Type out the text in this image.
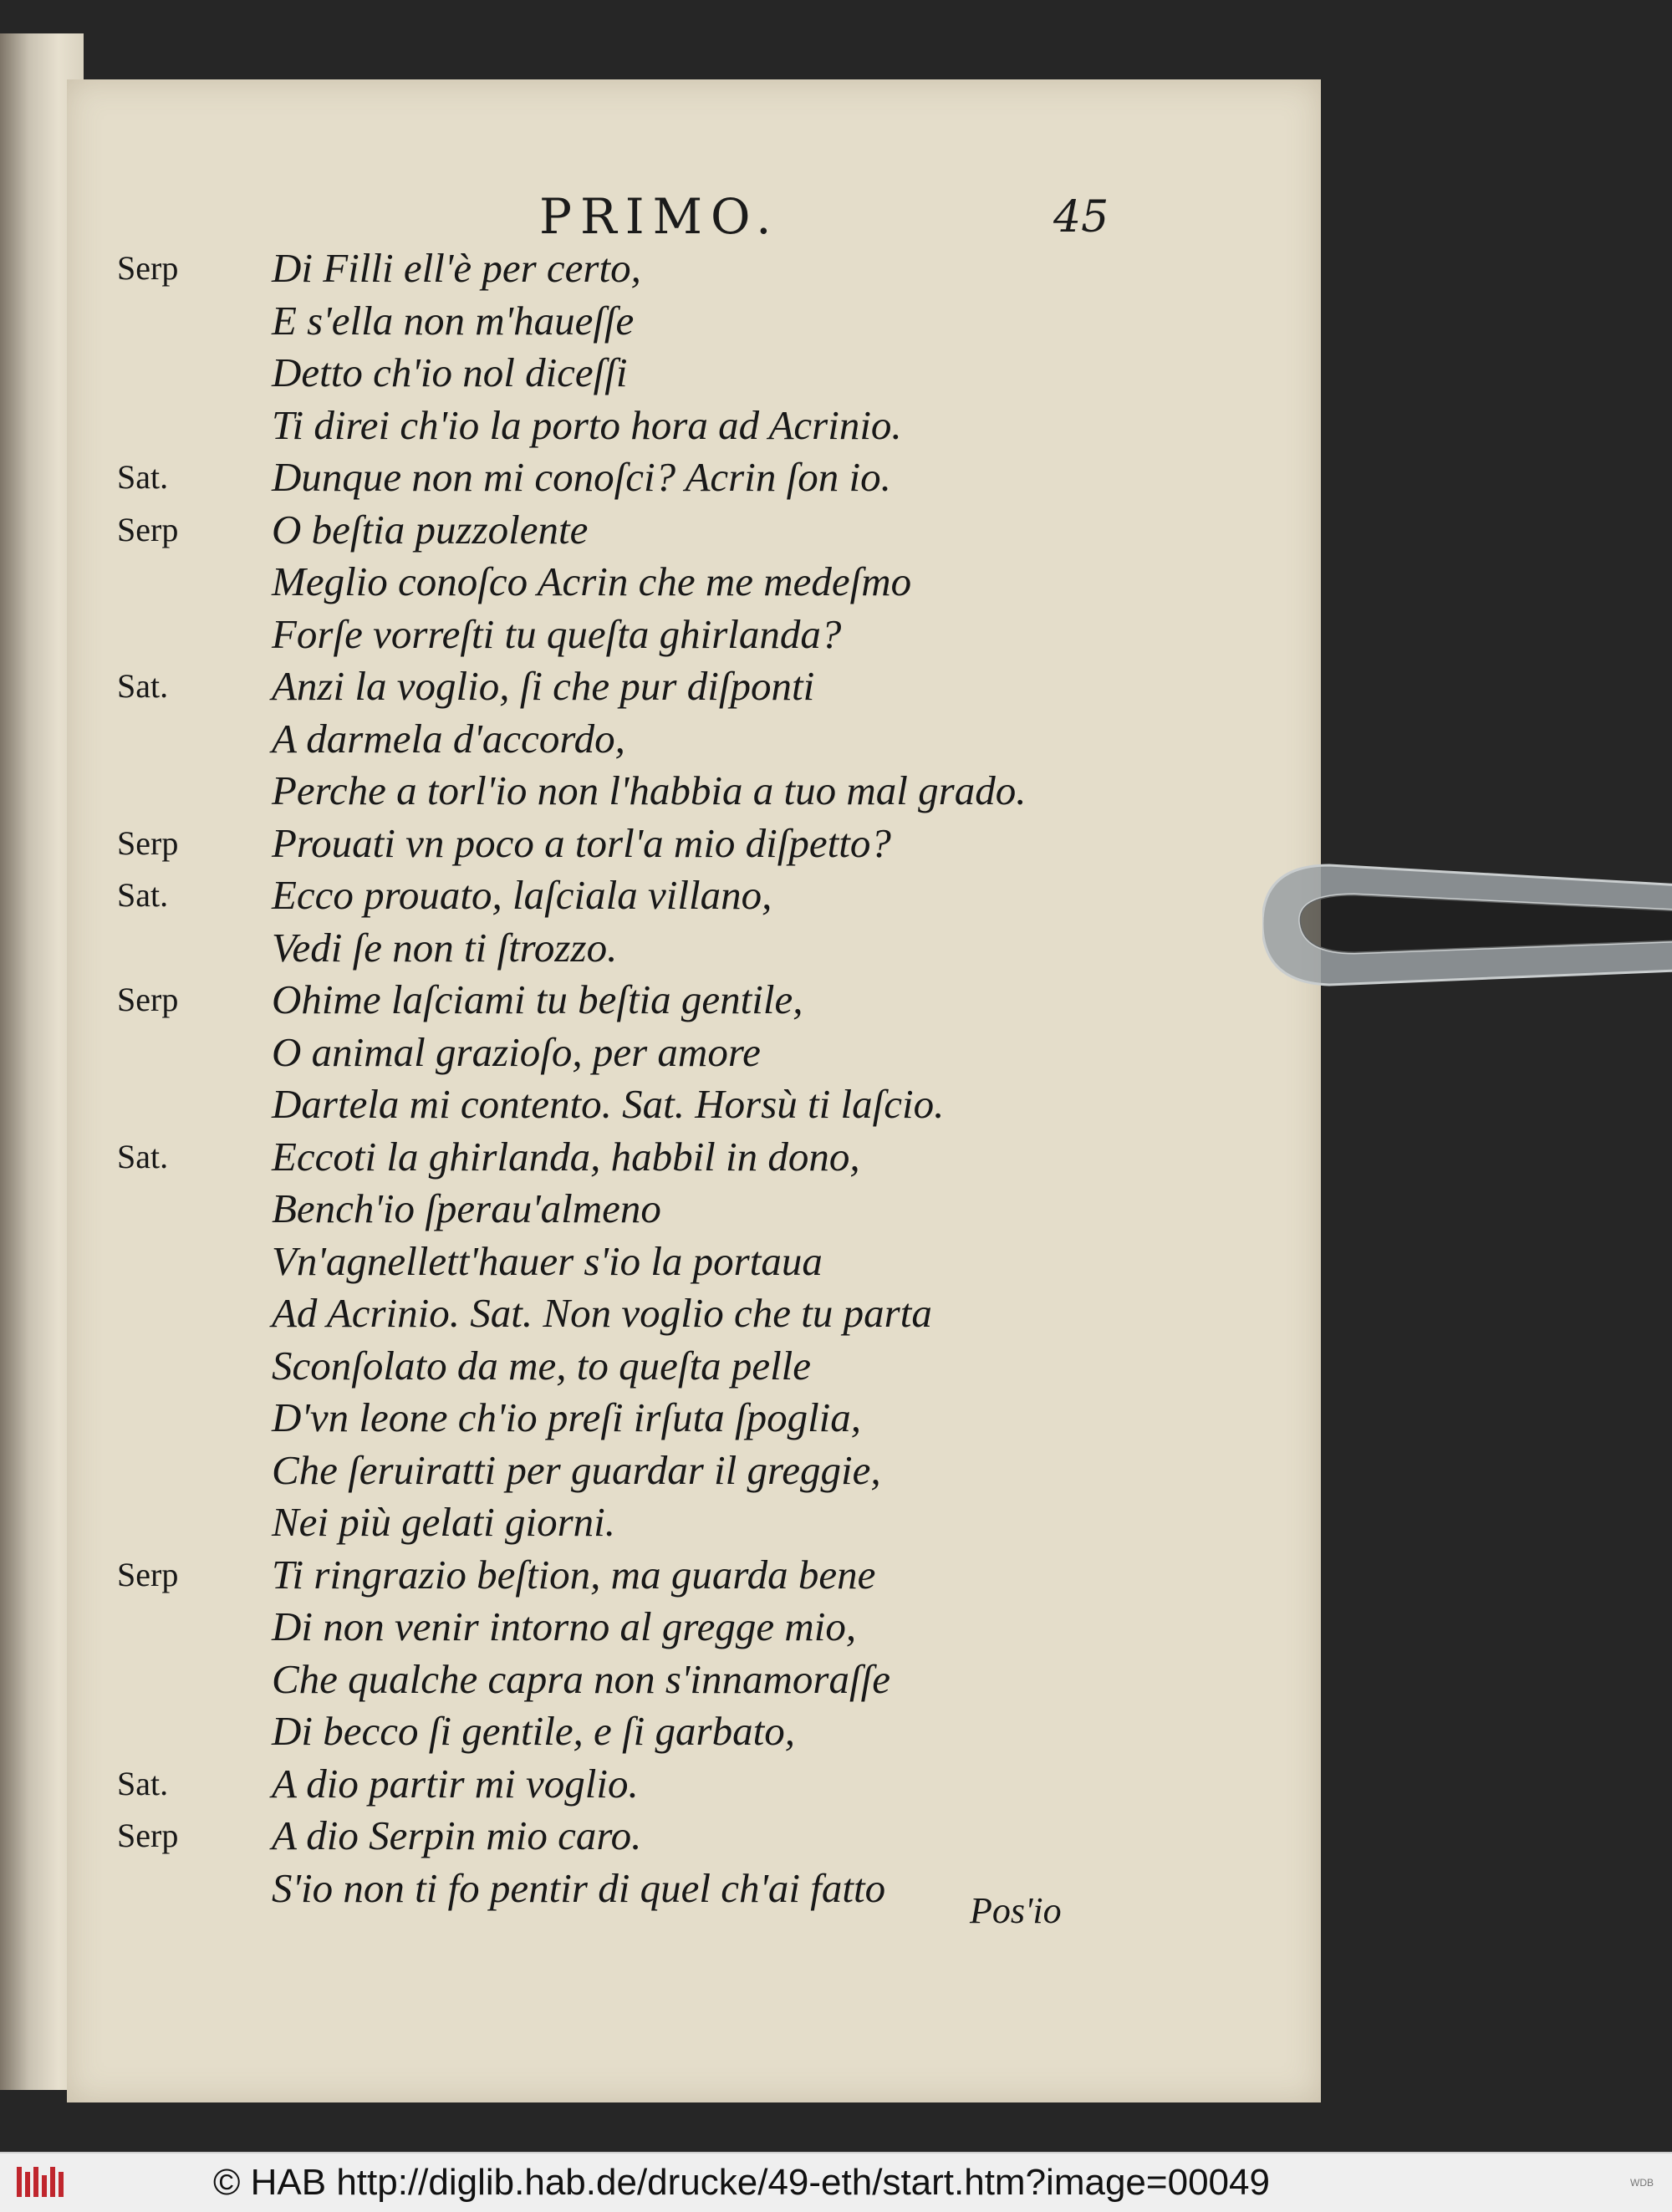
PRIMO.	45
Serp	Di Filli ell'è per certo,
E s'ella non m'haueſſe
Detto ch'io nol diceſſi
Ti direi ch'io la porto hora ad Acrinio.
Sat.	Dunque non mi conoſci? Acrin ſon io.
Serp	O beſtia puzzolente
Meglio conoſco Acrin che me medeſmo
Forſe vorreſti tu queſta ghirlanda?
Sat.	Anzi la voglio, ſi che pur diſponti
A darmela d'accordo,
Perche a torl'io non l'habbia a tuo mal grado.
Serp	Prouati vn poco a torl'a mio diſpetto?
Sat.	Ecco prouato, laſciala villano,
Vedi ſe non ti ſtrozzo.
Serp	Ohime laſciami tu beſtia gentile,
O animal grazioſo, per amore
Dartela mi contento. Sat. Horsù ti laſcio.
Sat.	Eccoti la ghirlanda, habbil in dono,
Bench'io ſperau'almeno
Vn'agnellett'hauer s'io la portaua
Ad Acrinio. Sat. Non voglio che tu parta
Sconſolato da me, to queſta pelle
D'vn leone ch'io preſi irſuta ſpoglia,
Che ſeruiratti per guardar il greggie,
Nei più gelati giorni.
Serp	Ti ringrazio beſtion, ma guarda bene
Di non venir intorno al gregge mio,
Che qualche capra non s'innamoraſſe
Di becco ſi gentile, e ſi garbato,
Sat.	A dio partir mi voglio.
Serp	A dio Serpin mio caro.
S'io non ti fo pentir di quel ch'ai fatto Pos'io
© HAB http://diglib.hab.de/drucke/49-eth/start.htm?image=00049	WDB
